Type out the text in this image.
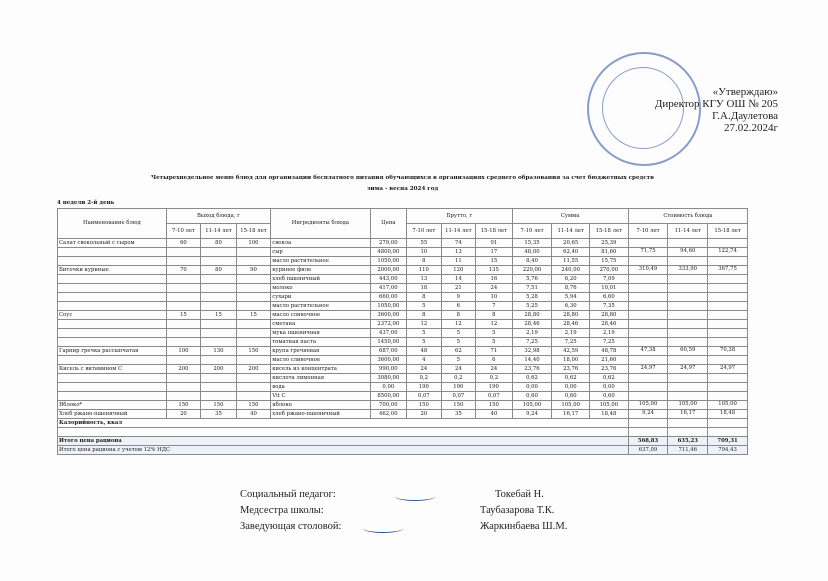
«Утверждаю»
Директор КГУ ОШ № 205
Г.А.Даулетова
27.02.2024г
Четырехнедельное меню блюд для организации бесплатного питания обучающихся в организациях среднего образования за счет бюджетных средств
зима - весна 2024 год
4 недели 2-й день
Наименование блюд	Выход блюда, г			Ингредиенты блюда	Цена	Брутто, г			Сумма			Стоимость блюда		
	7-10 лет	11-14 лет	15-18 лет			7-10 лет	11-14 лет	15-18 лет	7-10 лет	11-14 лет	15-18 лет	7-10 лет	11-14 лет	15-18 лет
Салат свекольный с сыром	60	80	100	свекла	279,00	55	74	91	15,35	20,65	25,39			
				сыр	4800,00	10	13	17	48,00	62,40	81,60	71,75	94,60	122,74
				масло растительное	1050,00	8	11	15	8,40	11,55	15,75			
Биточки куриные	70	80	90	куриное филе	2000,00	110	120	135	220,00	240,00	270,00	310,49	333,90	367,75
				хлеб пшеничный	443,00	13	14	16	5,76	6,20	7,09			
				молоко	417,00	18	21	24	7,51	8,76	10,01			
				сухари	660,00	8	9	10	5,28	5,94	6,60			
				масло растительное	1050,00	5	6	7	5,25	6,30	7,35			
Соус	15	15	15	масло сливочное	3600,00	8	8	8	28,80	28,80	28,80			
				сметана	2372,00	12	12	12	28,46	28,46	28,46			
				мука пшеничная	437,00	5	5	5	2,19	2,19	2,19			
				томатная паста	1450,00	5	5	5	7,25	7,25	7,25			
Гарнир гречка рассыпчатая	100	130	150	крупа гречневая	687,00	48	62	71	32,98	42,59	48,78	47,38	60,59	70,38
				масло сливочное	3600,00	4	5	6	14,40	18,00	21,60			
Кисель с витамином С	200	200	200	кисель из концентрата	990,00	24	24	24	23,76	23,76	23,76	24,97	24,97	24,97
				кислота лимонная	3080,00	0,2	0,2	0,2	0,62	0,62	0,62			
				вода	0,00	190	190	190	0,00	0,00	0,00			
				Vit C	8500,00	0,07	0,07	0,07	0,60	0,60	0,60			
Яблоко*	150	150	150	яблоко	700,00	150	150	150	105,00	105,00	105,00	105,00	105,00	105,00
Хлеб ржано-пшеничный	20	35	40	хлеб ржано-пшеничный	462,00	20	35	40	9,24	16,17	18,48	9,24	16,17	18,48
Калорийность, ккал														

Итого цена рациона												568,83	635,23	709,31
Итого цена рациона с учетом 12% НДС												637,09	711,46	794,43
Социальный педагог:	Токебай Н.
Медсестра школы:	Таубазарова Т.К.
Заведующая столовой:	Жаркинбаева Ш.М.
